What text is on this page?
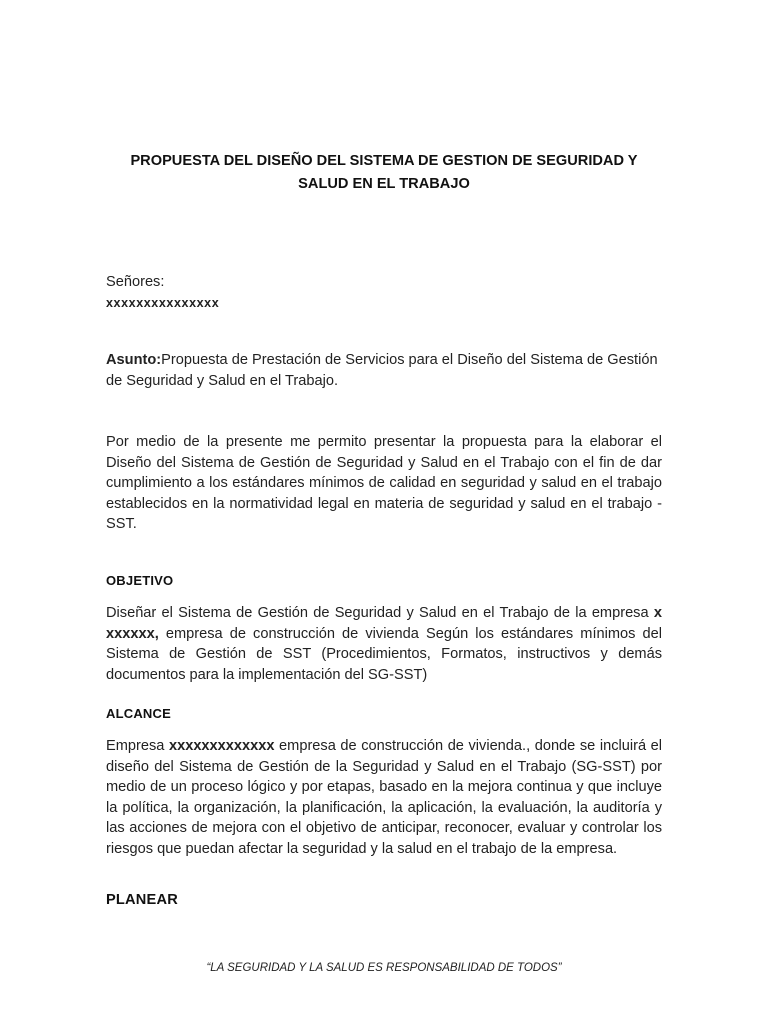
PROPUESTA DEL DISEÑO DEL SISTEMA DE GESTION DE SEGURIDAD Y
SALUD EN EL TRABAJO
Señores:
xxxxxxxxxxxxxxx
Asunto:Propuesta de Prestación de Servicios para el Diseño del Sistema de Gestión de Seguridad y Salud en el Trabajo.
Por medio de la presente me permito presentar la propuesta para la elaborar el Diseño del Sistema de Gestión de Seguridad y Salud en el Trabajo con el fin de dar cumplimiento a los estándares mínimos de calidad en seguridad y salud en el trabajo establecidos en la normatividad legal en materia de seguridad y salud en el trabajo - SST.
OBJETIVO
Diseñar el Sistema de Gestión de Seguridad y Salud en el Trabajo de la empresa x xxxxxx, empresa de construcción de vivienda Según los estándares mínimos del Sistema de Gestión de SST (Procedimientos, Formatos, instructivos y demás documentos para la implementación del SG-SST)
ALCANCE
Empresa xxxxxxxxxxxxx empresa de construcción de vivienda., donde se incluirá el diseño del Sistema de Gestión de la Seguridad y Salud en el Trabajo (SG-SST) por medio de un proceso lógico y por etapas, basado en la mejora continua y que incluye la política, la organización, la planificación, la aplicación, la evaluación, la auditoría y las acciones de mejora con el objetivo de anticipar, reconocer, evaluar y controlar los riesgos que puedan afectar la seguridad y la salud en el trabajo de la empresa.
PLANEAR
“LA SEGURIDAD Y LA SALUD ES RESPONSABILIDAD DE TODOS”
